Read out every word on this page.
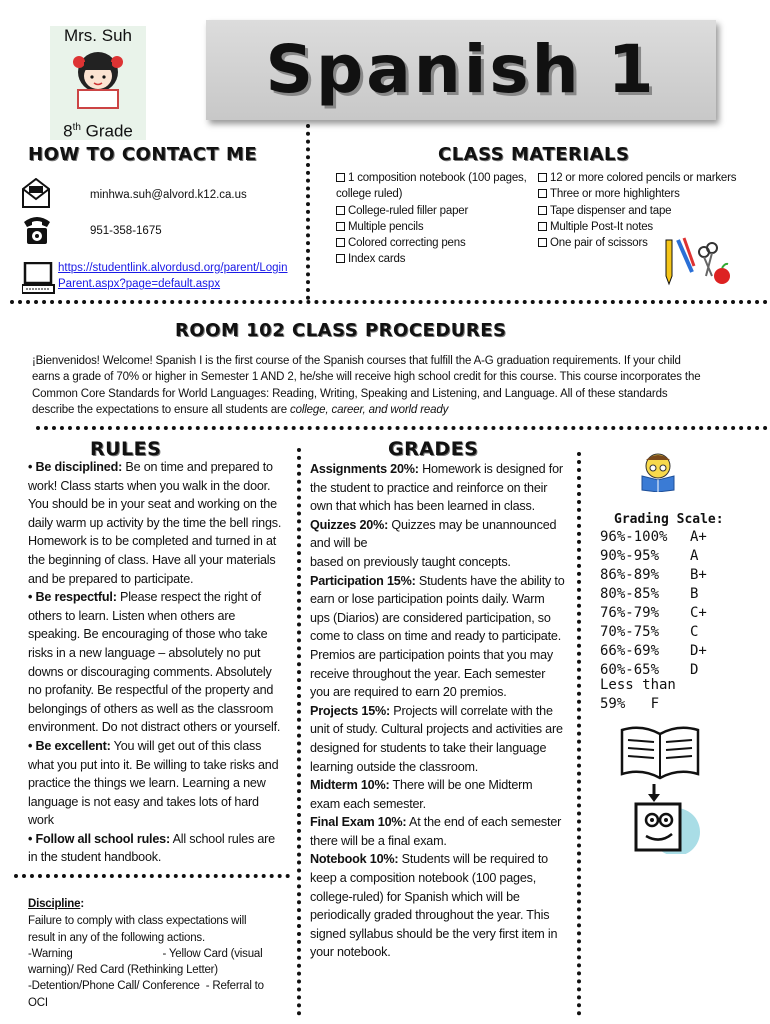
Mrs. Suh
8th Grade
Spanish 1
HOW TO CONTACT ME
minhwa.suh@alvord.k12.ca.us
951-358-1675
https://studentlink.alvordusd.org/parent/Login
Parent.aspx?page=default.aspx
CLASS MATERIALS
1 composition notebook (100 pages,
college ruled)
College-ruled filler paper
Multiple pencils
Colored correcting pens
Index cards
12 or more colored pencils or markers
Three or more highlighters
Tape dispenser and tape
Multiple Post-It notes
One pair of scissors
ROOM 102 CLASS PROCEDURES
¡Bienvenidos! Welcome! Spanish I is the first course of the Spanish courses that fulfill the A-G graduation requirements. If your child
earns a grade of 70% or higher in Semester 1 AND 2, he/she will receive high school credit for this course. This course incorporates the
Common Core Standards for World Languages: Reading, Writing, Speaking and Listening, and Language. All of these standards
describe the expectations to ensure all students are college, career, and world ready
RULES
• Be disciplined: Be on time and prepared to
work! Class starts when you walk in the door.
You should be in your seat and working on the
daily warm up activity by the time the bell rings.
Homework is to be completed and turned in at
the beginning of class. Have all your materials
and be prepared to participate.
• Be respectful: Please respect the right of
others to learn. Listen when others are
speaking. Be encouraging of those who take
risks in a new language – absolutely no put
downs or discouraging comments. Absolutely
no profanity. Be respectful of the property and
belongings of others as well as the classroom
environment. Do not distract others or yourself.
• Be excellent: You will get out of this class
what you put into it. Be willing to take risks and
practice the things we learn. Learning a new
language is not easy and takes lots of hard
work
• Follow all school rules: All school rules are
in the student handbook.
Discipline:
Failure to comply with class expectations will
result in any of the following actions.
-Warning                              - Yellow Card (visual
warning)/ Red Card (Rethinking Letter)
-Detention/Phone Call/ Conference  - Referral to
OCI
GRADES
Assignments 20%: Homework is designed for
the student to practice and reinforce on their
own that which has been learned in class.
Quizzes 20%: Quizzes may be unannounced
and will be
based on previously taught concepts.
Participation 15%: Students have the ability to
earn or lose participation points daily. Warm
ups (Diarios) are considered participation, so
come to class on time and ready to participate.
Premios are participation points that you may
receive throughout the year. Each semester
you are required to earn 20 premios.
Projects 15%: Projects will correlate with the
unit of study. Cultural projects and activities are
designed for students to take their language
learning outside the classroom.
Midterm 10%: There will be one Midterm
exam each semester.
Final Exam 10%: At the end of each semester
there will be a final exam.
Notebook 10%: Students will be required to
keep a composition notebook (100 pages,
college-ruled) for Spanish which will be
periodically graded throughout the year. This
signed syllabus should be the very first item in
your notebook.
Grading Scale:
96%-100%	A+
90%-95%	A
86%-89%	B+
80%-85%	B
76%-79%	C+
70%-75%	C
66%-69%	D+
60%-65%	D
Less than
59% F
